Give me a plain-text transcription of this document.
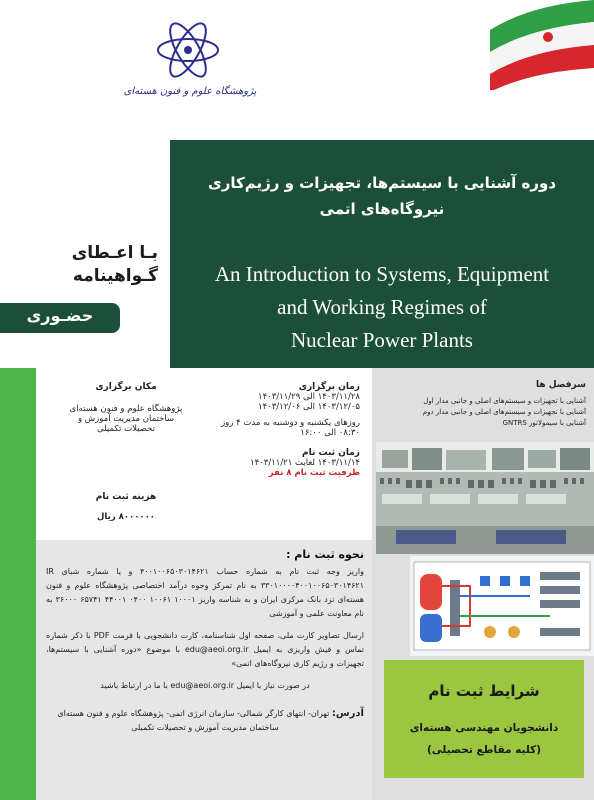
پژوهشگاه علوم و فنون هسته‌ای
دوره آشنایی با سیستم‌ها، تجهیزات و رژیم‌کاری
نیروگاه‌های اتمی
An Introduction to Systems, Equipment
and Working Regimes of
Nuclear Power Plants
بـا اعـطای
گـواهینامه
حضـوری
زمان برگزاری
۱۴۰۳/۱۱/۲۸ الی ۱۴۰۳/۱۱/۲۹
۱۴۰۳/۱۲/۰۵ الی ۱۴۰۳/۱۲/۰۶
روزهای یکشنبه و دوشنبه به مدت ۴ روز
۰۸:۳۰ الی ۱۶:۰۰
زمان ثبت نام
۱۴۰۳/۱۱/۱۴ لغایت ۱۴۰۳/۱۱/۲۱
ظرفیت ثبت نام ۸ نفر
مکان برگزاری
پژوهشگاه علوم و فنون هسته‌ای
ساختمان مدیریت آموزش و
تحصیلات تکمیلی
هزینه ثبت نام
۸۰۰۰۰۰۰ ریال
نحوه ثبت نام :
واریز وجه ثبت نام به شماره حساب ۴۰۰۱۰۰۶۵۰۳۰۱۴۶۲۱ و یا شماره شبای IR ۳۳۰۱۰۰۰۰۴۰۰۱۰۰۶۵۰۳۰۱۴۶۲۱ به نام تمرکز وجوه درآمد اختصاصی پژوهشگاه علوم و فنون هسته‌ای نزد بانک مرکزی ایران و به شناسه واریز ۱۰۰۰۱ ۱۰۰۶۱ ۰۴۰۰ ۴۴۰۰۱ ۶۵۷۴۱ ۳۶۰۰۰ به نام معاونت علمی و آموزشی
ارسال تصاویر کارت ملی، صفحه اول شناسنامه، کارت دانشجویی با فرمت PDF با ذکر شماره تماس و فیش واریزی به ایمیل edu@aeoi.org.ir با موضوع «دوره آشنایی با سیستم‌ها، تجهیزات و رژیم کاری نیروگاه‌های اتمی»
در صورت نیاز با ایمیل edu@aeoi.org.ir با ما در ارتباط باشید
آدرس: تهران- انتهای کارگر شمالی- سازمان انرژی اتمی- پژوهشگاه علوم و فنون هسته‌ای
ساختمان مدیریت آموزش و تحصیلات تکمیلی
سرفصل ها
• آشنایی با تجهیزات و سیستم‌های اصلی و جانبی مدار اول
• آشنایی با تجهیزات و سیستم‌های اصلی و جانبی مدار دوم
• آشنایی با سیمولاتور GNTRS
شرایط ثبت نام
دانشجویان مهندسی هسته‌ای
(کلیه مقاطع تحصیلی)
